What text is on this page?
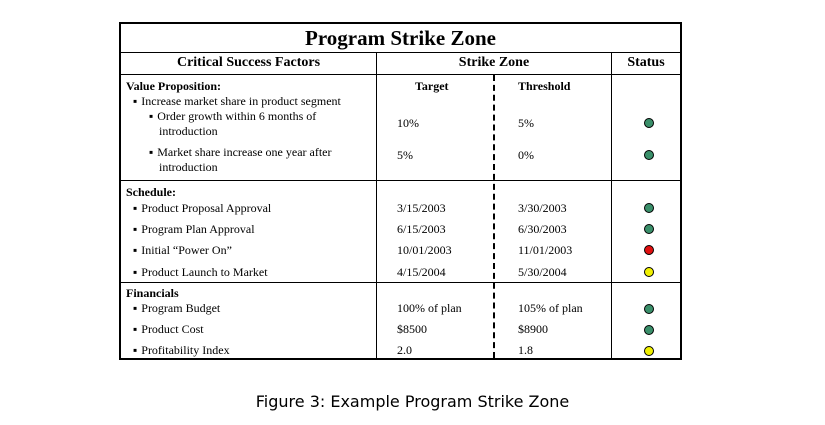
Program Strike Zone
Critical Success Factors	Strike Zone	Status
Value Proposition:	Target	Threshold
▪ Increase market share in product segment
▪ Order growth within 6 months of
introduction
10%	5%
▪ Market share increase one year after
introduction
5%	0%
Schedule:
▪ Product Proposal Approval	3/15/2003	3/30/2003
▪ Program Plan Approval	6/15/2003	6/30/2003
▪ Initial “Power On”	10/01/2003	11/01/2003
▪ Product Launch to Market	4/15/2004	5/30/2004
Financials
▪ Program Budget	100% of plan	105% of plan
▪ Product Cost	$8500	$8900
▪ Profitability Index	2.0	1.8
Figure 3: Example Program Strike Zone
